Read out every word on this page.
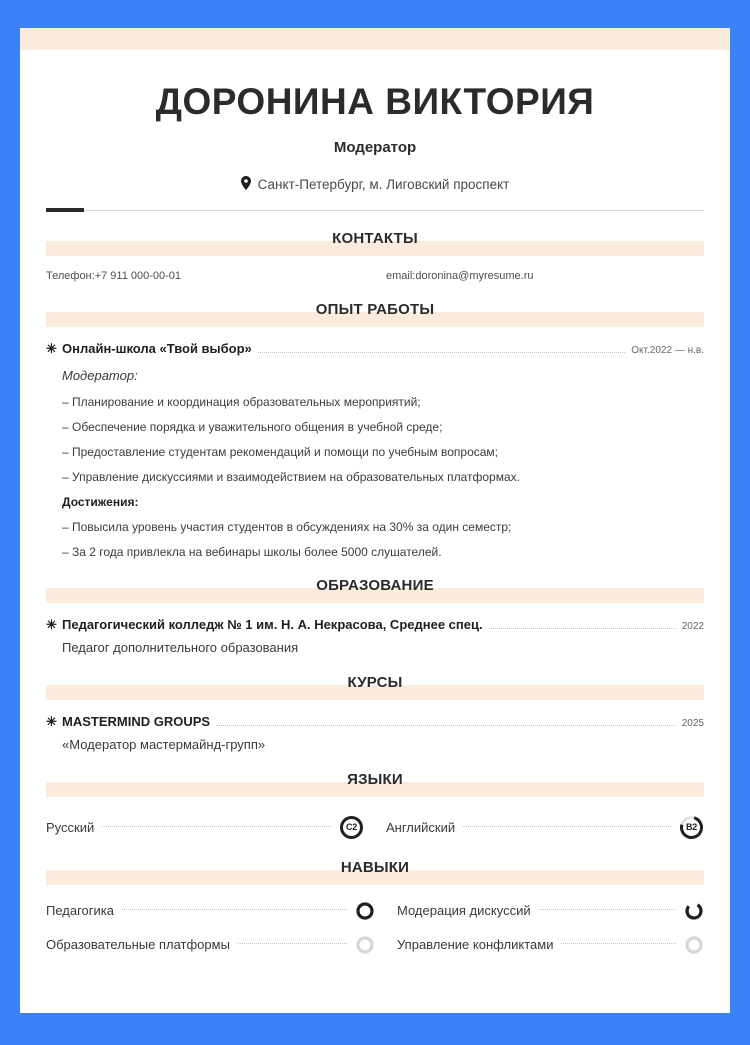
ДОРОНИНА ВИКТОРИЯ
Модератор
Санкт-Петербург, м. Лиговский проспект
КОНТАКТЫ
Телефон: +7 911 000-00-01	email: doronina@myresume.ru
ОПЫТ РАБОТЫ
✳ Онлайн-школа «Твой выбор»	Окт.2022 — н.в.
Модератор:
– Планирование и координация образовательных мероприятий;
– Обеспечение порядка и уважительного общения в учебной среде;
– Предоставление студентам рекомендаций и помощи по учебным вопросам;
– Управление дискуссиями и взаимодействием на образовательных платформах.
Достижения:
– Повысила уровень участия студентов в обсуждениях на 30% за один семестр;
– За 2 года привлекла на вебинары школы более 5000 слушателей.
ОБРАЗОВАНИЕ
✳ Педагогический колледж № 1 им. Н. А. Некрасова, Среднее спец.	2022
Педагог дополнительного образования
КУРСЫ
✳ MASTERMIND GROUPS	2025
«Модератор мастермайнд-групп»
ЯЗЫКИ
Русский	C2	Английский	B2
НАВЫКИ
Педагогика	Модерация дискуссий
Образовательные платформы	Управление конфликтами
